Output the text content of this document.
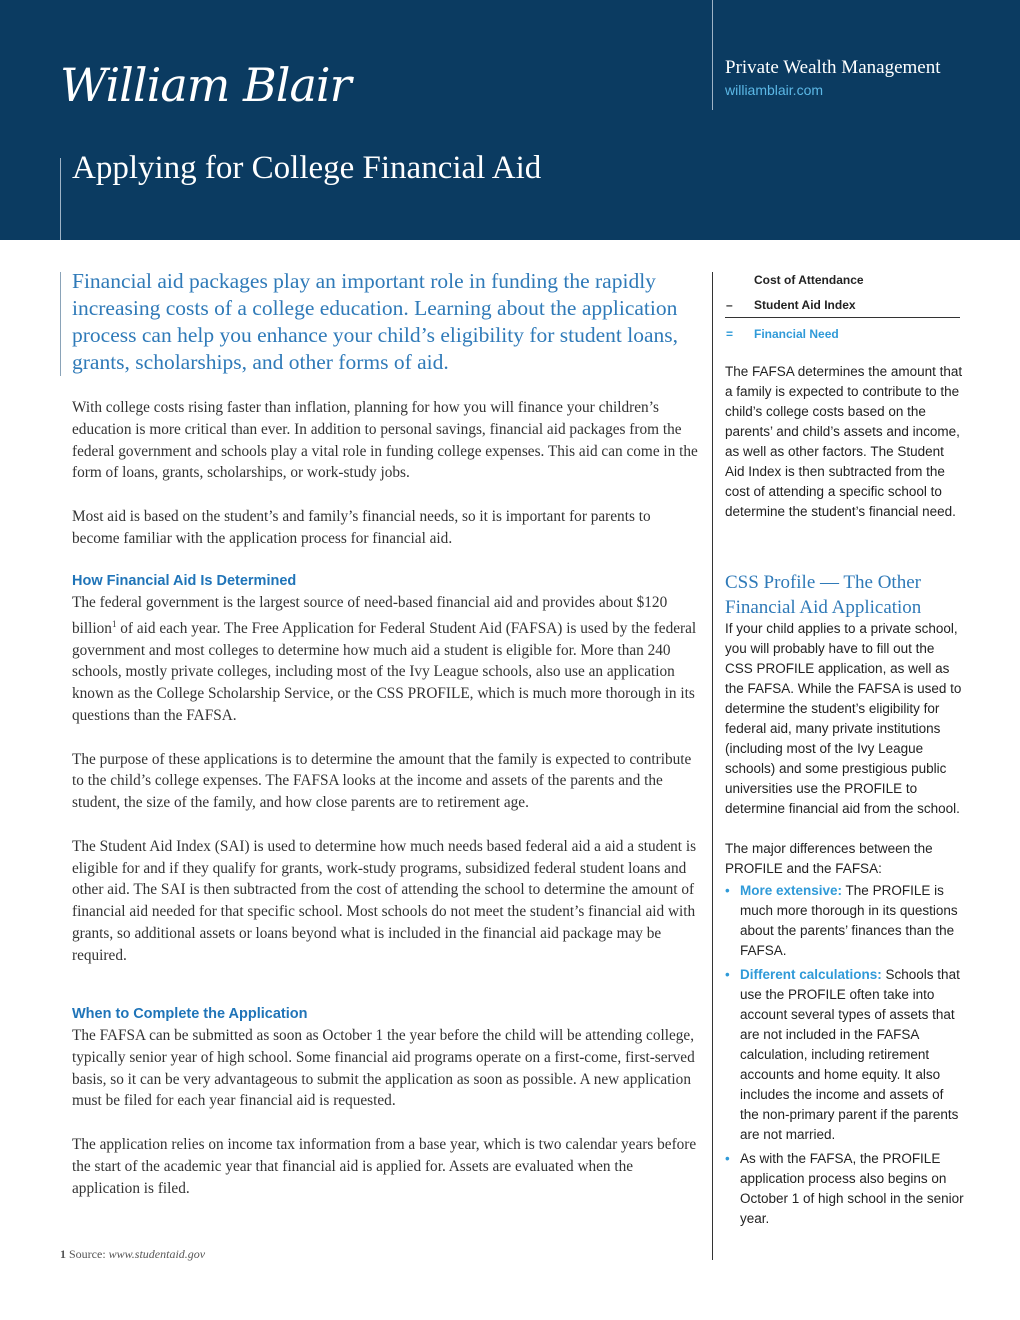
William Blair	Private Wealth Management
williamblair.com
Applying for College Financial Aid
Financial aid packages play an important role in funding the rapidly increasing costs of a college education. Learning about the application process can help you enhance your child’s eligibility for student loans, grants, scholarships, and other forms of aid.

With college costs rising faster than inflation, planning for how you will finance your children’s education is more critical than ever. In addition to personal savings, financial aid packages from the federal government and schools play a vital role in funding college expenses. This aid can come in the form of loans, grants, scholarships, or work-study jobs.

Most aid is based on the student’s and family’s financial needs, so it is important for parents to become familiar with the application process for financial aid.

How Financial Aid Is Determined

The federal government is the largest source of need-based financial aid and provides about $120 billion$^1$ of aid each year. The Free Application for Federal Student Aid (FAFSA) is used by the federal government and most colleges to determine how much aid a student is eligible for. More than 240 schools, mostly private colleges, including most of the Ivy League schools, also use an application known as the College Scholarship Service, or the CSS PROFILE, which is much more thorough in its questions than the FAFSA.

The purpose of these applications is to determine the amount that the family is expected to contribute to the child’s college expenses. The FAFSA looks at the income and assets of the parents and the student, the size of the family, and how close parents are to retirement age.

The Student Aid Index (SAI) is used to determine how much needs based federal aid a aid a student is eligible for and if they qualify for grants, work-study programs, subsidized federal student loans and other aid. The SAI is then subtracted from the cost of attending the school to determine the amount of financial aid needed for that specific school. Most schools do not meet the student’s financial aid with grants, so additional assets or loans beyond what is included in the financial aid package may be required.

When to Complete the Application

The FAFSA can be submitted as soon as October 1 the year before the child will be attending college, typically senior year of high school. Some financial aid programs operate on a first-come, first-served basis, so it can be very advantageous to submit the application as soon as possible. A new application must be filed for each year financial aid is requested.

The application relies on income tax information from a base year, which is two calendar years before the start of the academic year that financial aid is applied for. Assets are evaluated when the application is filed.

1 Source: www.studentaid.gov
Cost of Attendance
– Student Aid Index
= Financial Need

The FAFSA determines the amount that a family is expected to contribute to the child’s college costs based on the parents’ and child’s assets and income, as well as other factors. The Student Aid Index is then subtracted from the cost of attending a specific school to determine the student’s financial need.

CSS Profile — The Other Financial Aid Application

If your child applies to a private school, you will probably have to fill out the CSS PROFILE application, as well as the FAFSA. While the FAFSA is used to determine the student’s eligibility for federal aid, many private institutions (including most of the Ivy League schools) and some prestigious public universities use the PROFILE to determine financial aid from the school.

The major differences between the PROFILE and the FAFSA:

• More extensive: The PROFILE is much more thorough in its questions about the parents’ finances than the FAFSA.
• Different calculations: Schools that use the PROFILE often take into account several types of assets that are not included in the FAFSA calculation, including retirement accounts and home equity. It also includes the income and assets of the non-primary parent if the parents are not married.
• As with the FAFSA, the PROFILE application process also begins on October 1 of high school in the senior year.
